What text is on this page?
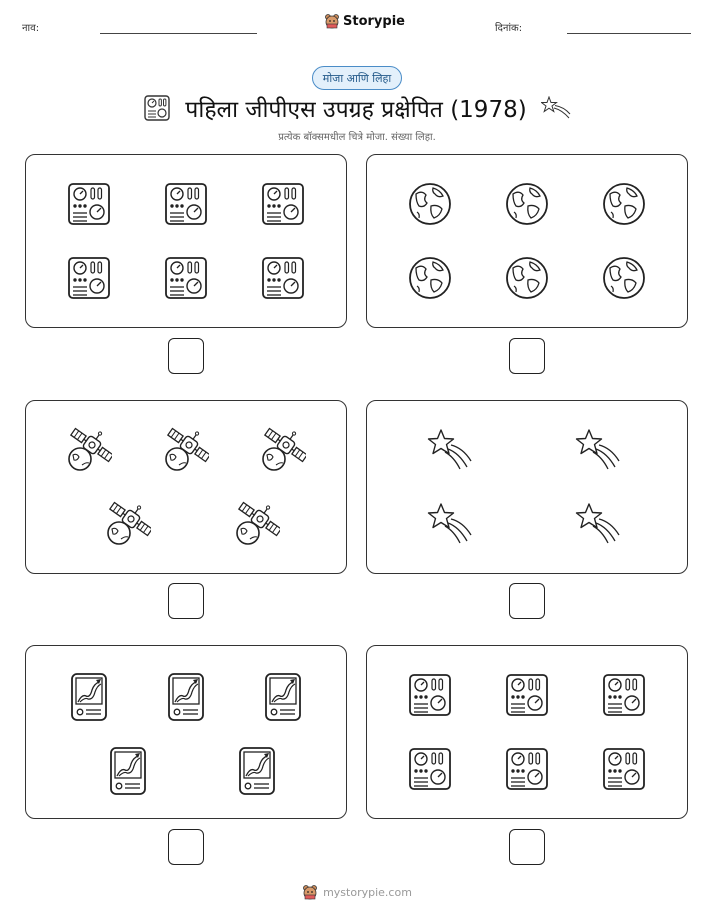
नाव:	Storypie	दिनांक:
मोजा आणि लिहा
पहिला जीपीएस उपग्रह प्रक्षेपित (1978)
प्रत्येक बॉक्समधील चित्रे मोजा. संख्या लिहा.
mystorypie.com
